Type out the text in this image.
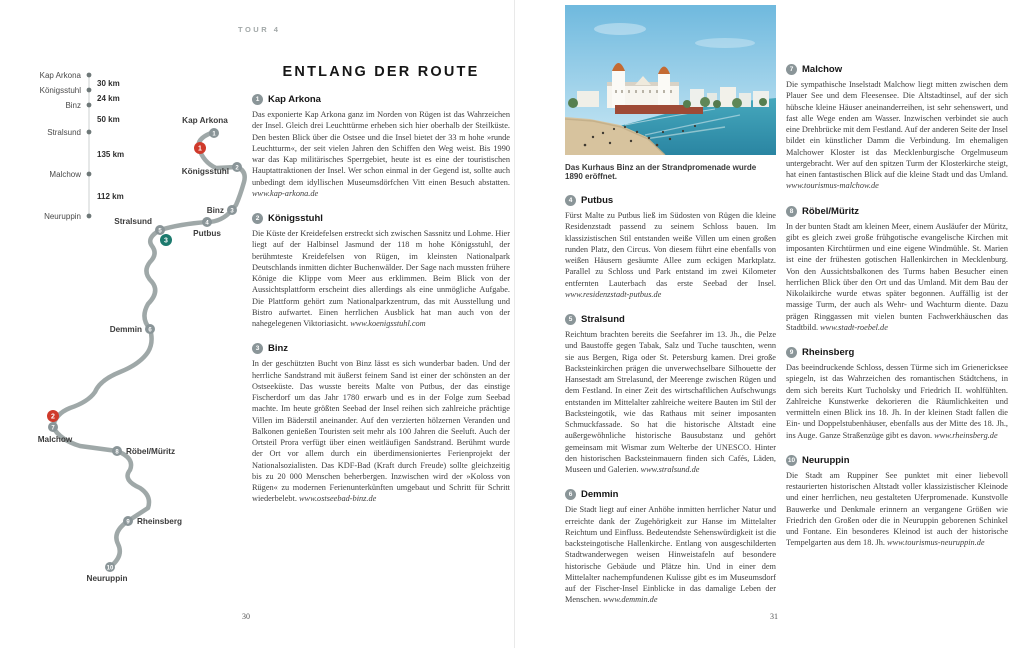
TOUR 4
Kap Arkona
Königsstuhl
Binz
Stralsund
Malchow
Neuruppin
30 km
24 km
50 km
135 km
112 km
1
2
3
1
Kap Arkona
2
Königsstuhl
3
Binz
4
Putbus
5
Stralsund
6
Demmin
7
Malchow
8 Röbel/Müritz
9 Rheinsberg
10
Neuruppin
ENTLANG DER ROUTE
1 Kap Arkona

Das exponierte Kap Arkona ganz im Norden von Rügen ist das Wahrzeichen der Insel. Gleich drei Leuchttürme erheben sich hier oberhalb der Steilküste. Den besten Blick über die Ostsee und die Insel bietet der 33 m hohe »runde Leuchtturm«, der seit vielen Jahren den Schiffen den Weg weist. Bis 1990 war das Kap militärisches Sperrgebiet, heute ist es eine der touristischen Hauptattraktionen der Insel. Wer schon einmal in der Gegend ist, sollte auch unbedingt dem idyllischen Museumsdörfchen Vitt einen Besuch abstatten. www.kap-arkona.de

2 Königsstuhl

Die Küste der Kreidefelsen erstreckt sich zwischen Sassnitz und Lohme. Hier liegt auf der Halbinsel Jasmund der 118 m hohe Königsstuhl, der berühmteste Kreidefelsen von Rügen, im kleinsten Nationalpark Deutschlands inmitten dichter Buchenwälder. Der Sage nach mussten frühere Könige die Klippe vom Meer aus erklimmen. Beim Blick von der Aussichtsplattform erscheint dies allerdings als eine unmögliche Aufgabe. Die Plattform gehört zum Nationalparkzentrum, das mit Ausstellung und Bistro aufwartet. Einen herrlichen Ausblick hat man auch von der nahegelegenen Viktoriasicht. www.koenigsstuhl.com

3 Binz

In der geschützten Bucht von Binz lässt es sich wunderbar baden. Und der herrliche Sandstrand mit äußerst feinem Sand ist einer der schönsten an der Ostseeküste. Das wusste bereits Malte von Putbus, der das einstige Fischerdorf um das Jahr 1780 erwarb und es in der Folge zum Seebad machte. Im heute größten Seebad der Insel reihen sich zahlreiche prächtige Villen im Bäderstil aneinander. Auf den verzierten hölzernen Veranden und Balkonen genießen Touristen seit mehr als 100 Jahren die Seeluft. Auch der Ortsteil Prora verfügt über einen weitläufigen Sandstrand. Berühmt wurde der Ort vor allem durch ein überdimensioniertes Ferienprojekt der Nationalsozialisten. Das KDF-Bad (Kraft durch Freude) sollte gleichzeitig bis zu 20 000 Menschen beherbergen. Inzwischen wird der »Koloss von Rügen« zu modernen Ferienunterkünften umgebaut und Schritt für Schritt wiederbelebt. www.ostseebad-binz.de

Das Kurhaus Binz an der Strandpromenade wurde 1890 eröffnet.

4 Putbus

Fürst Malte zu Putbus ließ im Südosten von Rügen die kleine Residenzstadt passend zu seinem Schloss bauen. Im klassizistischen Stil entstanden weiße Villen um einen großen runden Platz, den Circus. Von diesem führt eine ebenfalls von weißen Häusern gesäumte Allee zum eckigen Marktplatz. Parallel zu Schloss und Park entstand im zwei Kilometer entfernten Lauterbach das erste Seebad der Insel. www.residenzstadt-putbus.de

5 Stralsund

Reichtum brachten bereits die Seefahrer im 13. Jh., die Pelze und Baustoffe gegen Tabak, Salz und Tuche tauschten, wenn sie aus Bergen, Riga oder St. Petersburg kamen. Drei große Backsteinkirchen prägen die unverwechselbare Silhouette der Hansestadt am Strelasund, der Meerenge zwischen Rügen und dem Festland. In einer Zeit des wirtschaftlichen Aufschwungs entstanden im Mittelalter zahlreiche weitere Bauten im Stil der Backsteingotik, wie das Rathaus mit seiner imposanten Schmuckfassade. So hat die historische Altstadt eine außergewöhnliche historische Bausubstanz und gehört gemeinsam mit Wismar zum Welterbe der UNESCO. Hinter den historischen Backsteinmauern finden sich Cafés, Läden, Museen und Galerien. www.stralsund.de

6 Demmin

Die Stadt liegt auf einer Anhöhe inmitten herrlicher Natur und erreichte dank der Zugehörigkeit zur Hanse im Mittelalter Reichtum und Einfluss. Bedeutendste Sehenswürdigkeit ist die backsteingotische Hallenkirche. Entlang von ausgeschilderten Stadtwanderwegen weisen Hinweistafeln auf besondere historische Gebäude und Plätze hin. Und in einer dem Mittelalter nachempfundenen Kulisse gibt es im Museumsdorf auf der Fischer-Insel Einblicke in das damalige Leben der Menschen. www.demmin.de

7 Malchow

Die sympathische Inselstadt Malchow liegt mitten zwischen dem Plauer See und dem Fleesensee. Die Altstadtinsel, auf der sich hübsche kleine Häuser aneinanderreihen, ist sehr sehenswert, und fast alle Wege enden am Wasser. Inzwischen verbindet sie auch eine Drehbrücke mit dem Festland. Auf der anderen Seite der Insel bildet ein künstlicher Damm die Verbindung. Im ehemaligen Malchower Kloster ist das Mecklenburgische Orgelmuseum untergebracht. Wer auf den spitzen Turm der Klosterkirche steigt, hat einen fantastischen Blick auf die kleine Stadt und das Umland. www.tourismus-malchow.de

8 Röbel/Müritz

In der bunten Stadt am kleinen Meer, einem Ausläufer der Müritz, gibt es gleich zwei große frühgotische evangelische Kirchen mit imposanten Kirchtürmen und eine eigene Windmühle. St. Marien ist eine der frühesten gotischen Hallenkirchen in Mecklenburg. Von den Aussichtsbalkonen des Turms haben Besucher einen herrlichen Blick über den Ort und das Umland. Mit dem Bau der Nikolaikirche wurde etwas später begonnen. Auffällig ist der massige Turm, der auch als Wehr- und Wachturm diente. Dazu prägen Ringgassen mit vielen bunten Fachwerkhäuschen das Stadtbild. www.stadt-roebel.de

9 Rheinsberg

Das beeindruckende Schloss, dessen Türme sich im Grienericksee spiegeln, ist das Wahrzeichen des romantischen Städtchens, in dem sich bereits Kurt Tucholsky und Friedrich II. wohlfühlten. Zahlreiche Kunstwerke dekorieren die Räumlichkeiten und vermitteln einen Blick ins 18. Jh. In der kleinen Stadt fallen die Ein- und Doppelstubenhäuser, ebenfalls aus der Mitte des 18. Jh., ins Auge. Ganze Straßenzüge gibt es davon. www.rheinsberg.de

10 Neuruppin

Die Stadt am Ruppiner See punktet mit einer liebevoll restaurierten historischen Altstadt voller klassizistischer Kleinode und einer herrlichen, neu gestalteten Uferpromenade. Kunstvolle Bauwerke und Denkmale erinnern an vergangene Größen wie Friedrich den Großen oder die in Neuruppin geborenen Schinkel und Fontane. Ein besonderes Kleinod ist auch der historische Tempelgarten aus dem 18. Jh. www.tourismus-neuruppin.de

30	31
